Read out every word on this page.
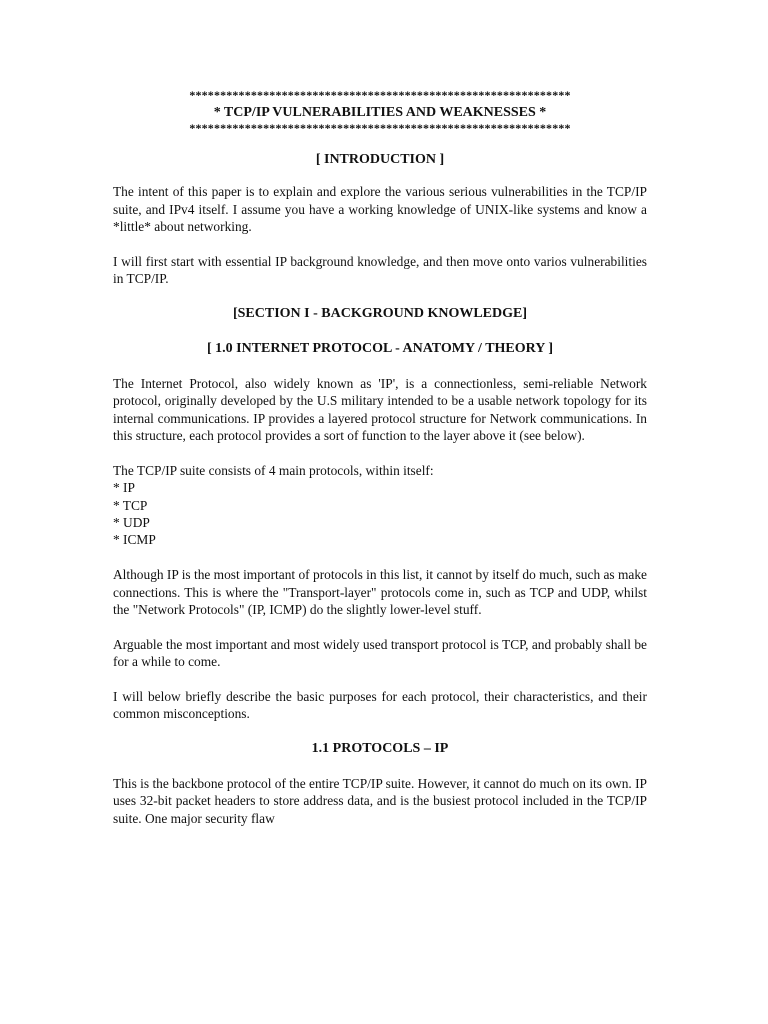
**************************************************************
* TCP/IP VULNERABILITIES AND WEAKNESSES *
**************************************************************
[ INTRODUCTION ]

The intent of this paper is to explain and explore the various serious vulnerabilities in the TCP/IP suite, and IPv4 itself. I assume you have a working knowledge of UNIX-like systems and know a *little* about networking.

I will first start with essential IP background knowledge, and then move onto varios vulnerabilities in TCP/IP.

[SECTION I - BACKGROUND KNOWLEDGE]
[ 1.0 INTERNET PROTOCOL - ANATOMY / THEORY ]

The Internet Protocol, also widely known as 'IP', is a connectionless, semi-reliable Network protocol, originally developed by the U.S military intended to be a usable network topology for its internal communications. IP provides a layered protocol structure for Network communications. In this structure, each protocol provides a sort of function to the layer above it (see below).

The TCP/IP suite consists of 4 main protocols, within itself:

* IP
* TCP
* UDP
* ICMP

Although IP is the most important of protocols in this list, it cannot by itself do much, such as make connections. This is where the "Transport-layer" protocols come in, such as TCP and UDP, whilst the "Network Protocols" (IP, ICMP) do the slightly lower-level stuff.

Arguable the most important and most widely used transport protocol is TCP, and probably shall be for a while to come.

I will below briefly describe the basic purposes for each protocol, their characteristics, and their common misconceptions.

1.1 PROTOCOLS – IP

This is the backbone protocol of the entire TCP/IP suite. However, it cannot do much on its own. IP uses 32-bit packet headers to store address data, and is the busiest protocol included in the TCP/IP suite. One major security flaw
